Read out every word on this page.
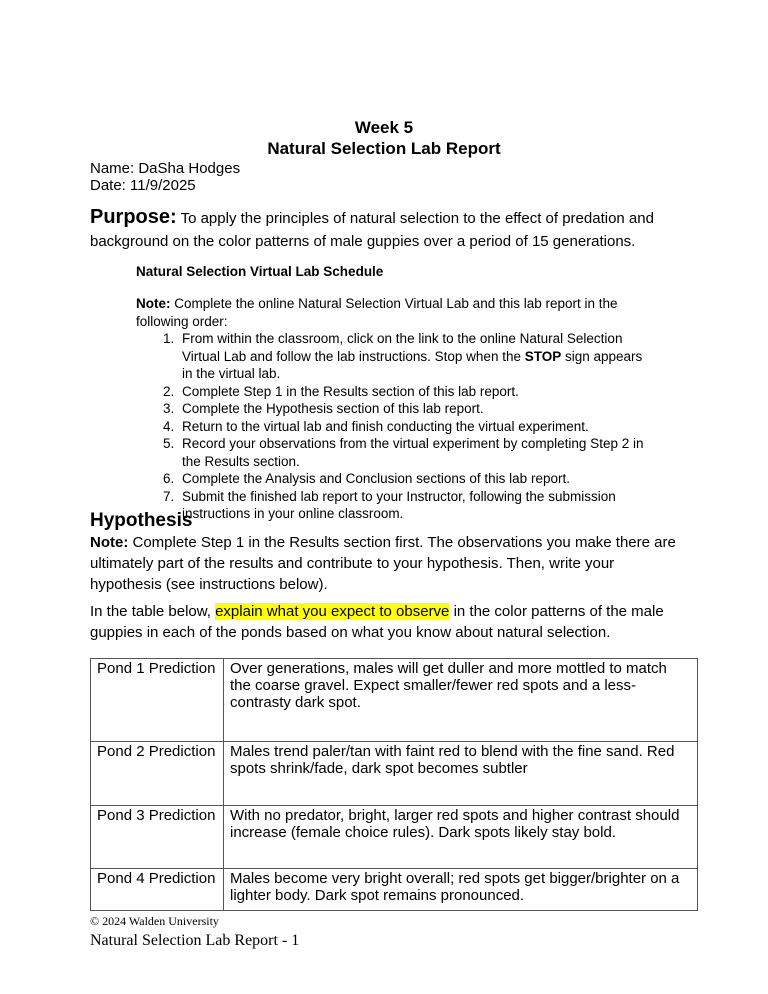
Week 5
Natural Selection Lab Report
Name: DaSha Hodges
Date: 11/9/2025
Purpose: To apply the principles of natural selection to the effect of predation and background on the color patterns of male guppies over a period of 15 generations.
Natural Selection Virtual Lab Schedule
Note: Complete the online Natural Selection Virtual Lab and this lab report in the following order:
1. From within the classroom, click on the link to the online Natural Selection Virtual Lab and follow the lab instructions. Stop when the STOP sign appears in the virtual lab.
2. Complete Step 1 in the Results section of this lab report.
3. Complete the Hypothesis section of this lab report.
4. Return to the virtual lab and finish conducting the virtual experiment.
5. Record your observations from the virtual experiment by completing Step 2 in the Results section.
6. Complete the Analysis and Conclusion sections of this lab report.
7. Submit the finished lab report to your Instructor, following the submission instructions in your online classroom.
Hypothesis
Note: Complete Step 1 in the Results section first. The observations you make there are ultimately part of the results and contribute to your hypothesis. Then, write your hypothesis (see instructions below).
In the table below, explain what you expect to observe in the color patterns of the male guppies in each of the ponds based on what you know about natural selection.
Pond 1 Prediction	Over generations, males will get duller and more mottled to match the coarse gravel. Expect smaller/fewer red spots and a less-contrasty dark spot.
Pond 2 Prediction	Males trend paler/tan with faint red to blend with the fine sand. Red spots shrink/fade, dark spot becomes subtler
Pond 3 Prediction	With no predator, bright, larger red spots and higher contrast should increase (female choice rules). Dark spots likely stay bold.
Pond 4 Prediction	Males become very bright overall; red spots get bigger/brighter on a lighter body. Dark spot remains pronounced.
© 2024 Walden University
Natural Selection Lab Report - 1
